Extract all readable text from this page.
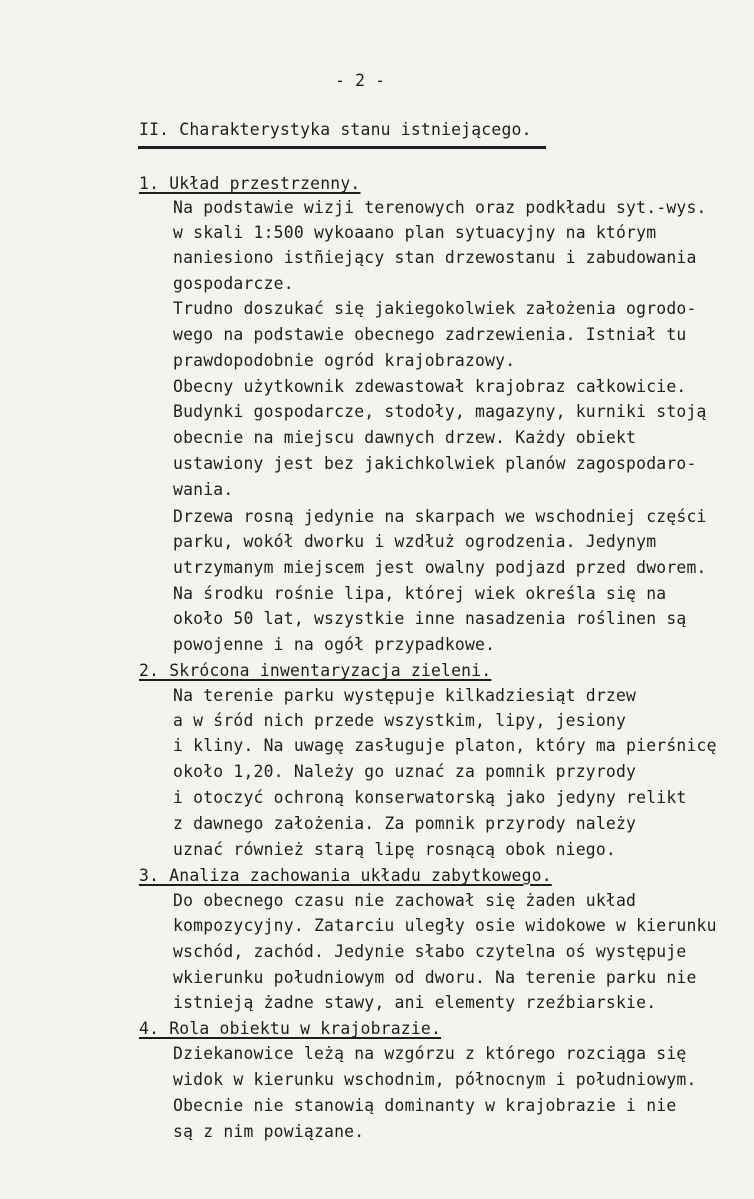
- 2 -
II. Charakterystyka stanu istniejącego.
1. Układ przestrzenny.
Na podstawie wizji terenowych oraz podkładu syt.-wys.
w skali 1:500 wykoaano plan sytuacyjny na którym
naniesiono istñiejący stan drzewostanu i zabudowania
gospodarcze.
Trudno doszukać się jakiegokolwiek założenia ogrodo-
wego na podstawie obecnego zadrzewienia. Istniał tu
prawdopodobnie ogród krajobrazowy.
Obecny użytkownik zdewastował krajobraz całkowicie.
Budynki gospodarcze, stodoły, magazyny, kurniki stoją
obecnie na miejscu dawnych drzew. Każdy obiekt
ustawiony jest bez jakichkolwiek planów zagospodaro-
wania.
Drzewa rosną jedynie na skarpach we wschodniej części
parku, wokół dworku i wzdłuż ogrodzenia. Jedynym
utrzymanym miejscem jest owalny podjazd przed dworem.
Na środku rośnie lipa, której wiek określa się na
około 50 lat, wszystkie inne nasadzenia roślinen są
powojenne i na ogół przypadkowe.
2. Skrócona inwentaryzacja zieleni.
Na terenie parku występuje kilkadziesiąt drzew
a w śród nich przede wszystkim, lipy, jesiony
i kliny. Na uwagę zasługuje platon, który ma pierśnicę
około 1,20. Należy go uznać za pomnik przyrody
i otoczyć ochroną konserwatorską jako jedyny relikt
z dawnego założenia. Za pomnik przyrody należy
uznać również starą lipę rosnącą obok niego.
3. Analiza zachowania układu zabytkowego.
Do obecnego czasu nie zachował się żaden układ
kompozycyjny. Zatarciu uległy osie widokowe w kierunku
wschód, zachód. Jedynie słabo czytelna oś występuje
wkierunku południowym od dworu. Na terenie parku nie
istnieją żadne stawy, ani elementy rzeźbiarskie.
4. Rola obiektu w krajobrazie.
Dziekanowice leżą na wzgórzu z którego rozciąga się
widok w kierunku wschodnim, północnym i południowym.
Obecnie nie stanowią dominanty w krajobrazie i nie
są z nim powiązane.
